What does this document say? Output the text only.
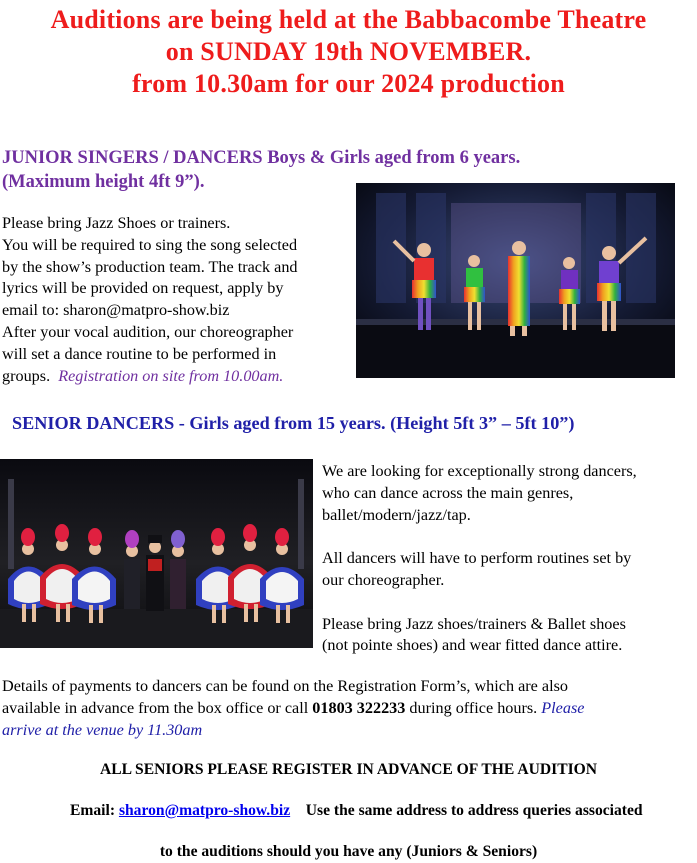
Auditions are being held at the Babbacombe Theatre
on SUNDAY 19th NOVEMBER.
from 10.30am for our 2024 production
JUNIOR SINGERS / DANCERS Boys & Girls aged from 6 years.
(Maximum height 4ft 9”).
Please bring Jazz Shoes or trainers.
You will be required to sing the song selected
by the show’s production team. The track and
lyrics will be provided on request, apply by
email to: sharon@matpro-show.biz
After your vocal audition, our choreographer
will set a dance routine to be performed in
groups. Registration on site from 10.00am.
SENIOR DANCERS - Girls aged from 15 years. (Height 5ft 3” – 5ft 10”)
We are looking for exceptionally strong dancers,
who can dance across the main genres,
ballet/modern/jazz/tap.
All dancers will have to perform routines set by
our choreographer.
Please bring Jazz shoes/trainers & Ballet shoes
(not pointe shoes) and wear fitted dance attire.
Details of payments to dancers can be found on the Registration Form’s, which are also
available in advance from the box office or call 01803 322233 during office hours. Please
arrive at the venue by 11.30am
ALL SENIORS PLEASE REGISTER IN ADVANCE OF THE AUDITION

Email: sharon@matpro-show.biz    Use the same address to address queries associated

to the auditions should you have any (Juniors & Seniors)
